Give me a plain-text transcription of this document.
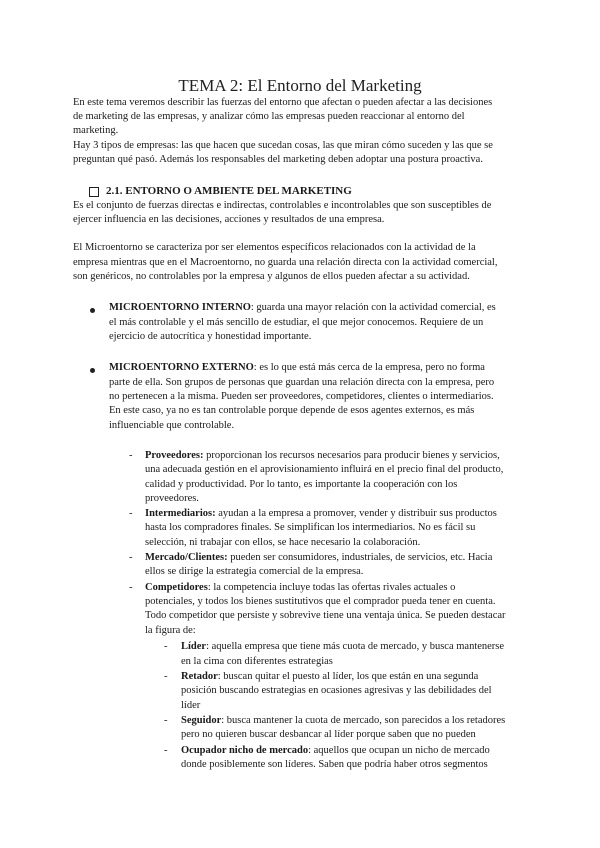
TEMA 2: El Entorno del Marketing
En este tema veremos describir las fuerzas del entorno que afectan o pueden afectar a las decisiones
de marketing de las empresas, y analizar cómo las empresas pueden reaccionar al entorno del
marketing.
Hay 3 tipos de empresas: las que hacen que sucedan cosas, las que miran cómo suceden y las que se
preguntan qué pasó. Además los responsables del marketing deben adoptar una postura proactiva.
2.1. ENTORNO O AMBIENTE DEL MARKETING
Es el conjunto de fuerzas directas e indirectas, controlables e incontrolables que son susceptibles de
ejercer influencia en las decisiones, acciones y resultados de una empresa.
El Microentorno se caracteriza por ser elementos específicos relacionados con la actividad de la
empresa mientras que en el Macroentorno, no guarda una relación directa con la actividad comercial,
son genéricos, no controlables por la empresa y algunos de ellos pueden afectar a su actividad.
MICROENTORNO INTERNO: guarda una mayor relación con la actividad comercial, es
el más controlable y el más sencillo de estudiar, el que mejor conocemos. Requiere de un
ejercicio de autocrítica y honestidad importante.
MICROENTORNO EXTERNO: es lo que está más cerca de la empresa, pero no forma
parte de ella. Son grupos de personas que guardan una relación directa con la empresa, pero
no pertenecen a la misma. Pueden ser proveedores, competidores, clientes o intermediarios.
En este caso, ya no es tan controlable porque depende de esos agentes externos, es más
influenciable que controlable.
- Proveedores: proporcionan los recursos necesarios para producir bienes y servicios,
una adecuada gestión en el aprovisionamiento influirá en el precio final del producto,
calidad y productividad. Por lo tanto, es importante la cooperación con los
proveedores.
- Intermediarios: ayudan a la empresa a promover, vender y distribuir sus productos
hasta los compradores finales. Se simplifican los intermediarios. No es fácil su
selección, ni trabajar con ellos, se hace necesario la colaboración.
- Mercado/Clientes: pueden ser consumidores, industriales, de servicios, etc. Hacia
ellos se dirige la estrategia comercial de la empresa.
- Competidores: la competencia incluye todas las ofertas rivales actuales o
potenciales, y todos los bienes sustitutivos que el comprador pueda tener en cuenta.
Todo competidor que persiste y sobrevive tiene una ventaja única. Se pueden destacar
la figura de:
- Líder: aquella empresa que tiene más cuota de mercado, y busca mantenerse
en la cima con diferentes estrategias
- Retador: buscan quitar el puesto al líder, los que están en una segunda
posición buscando estrategias en ocasiones agresivas y las debilidades del
líder
- Seguidor: busca mantener la cuota de mercado, son parecidos a los retadores
pero no quieren buscar desbancar al líder porque saben que no pueden
- Ocupador nicho de mercado: aquellos que ocupan un nicho de mercado
donde posiblemente son líderes. Saben que podría haber otros segmentos
